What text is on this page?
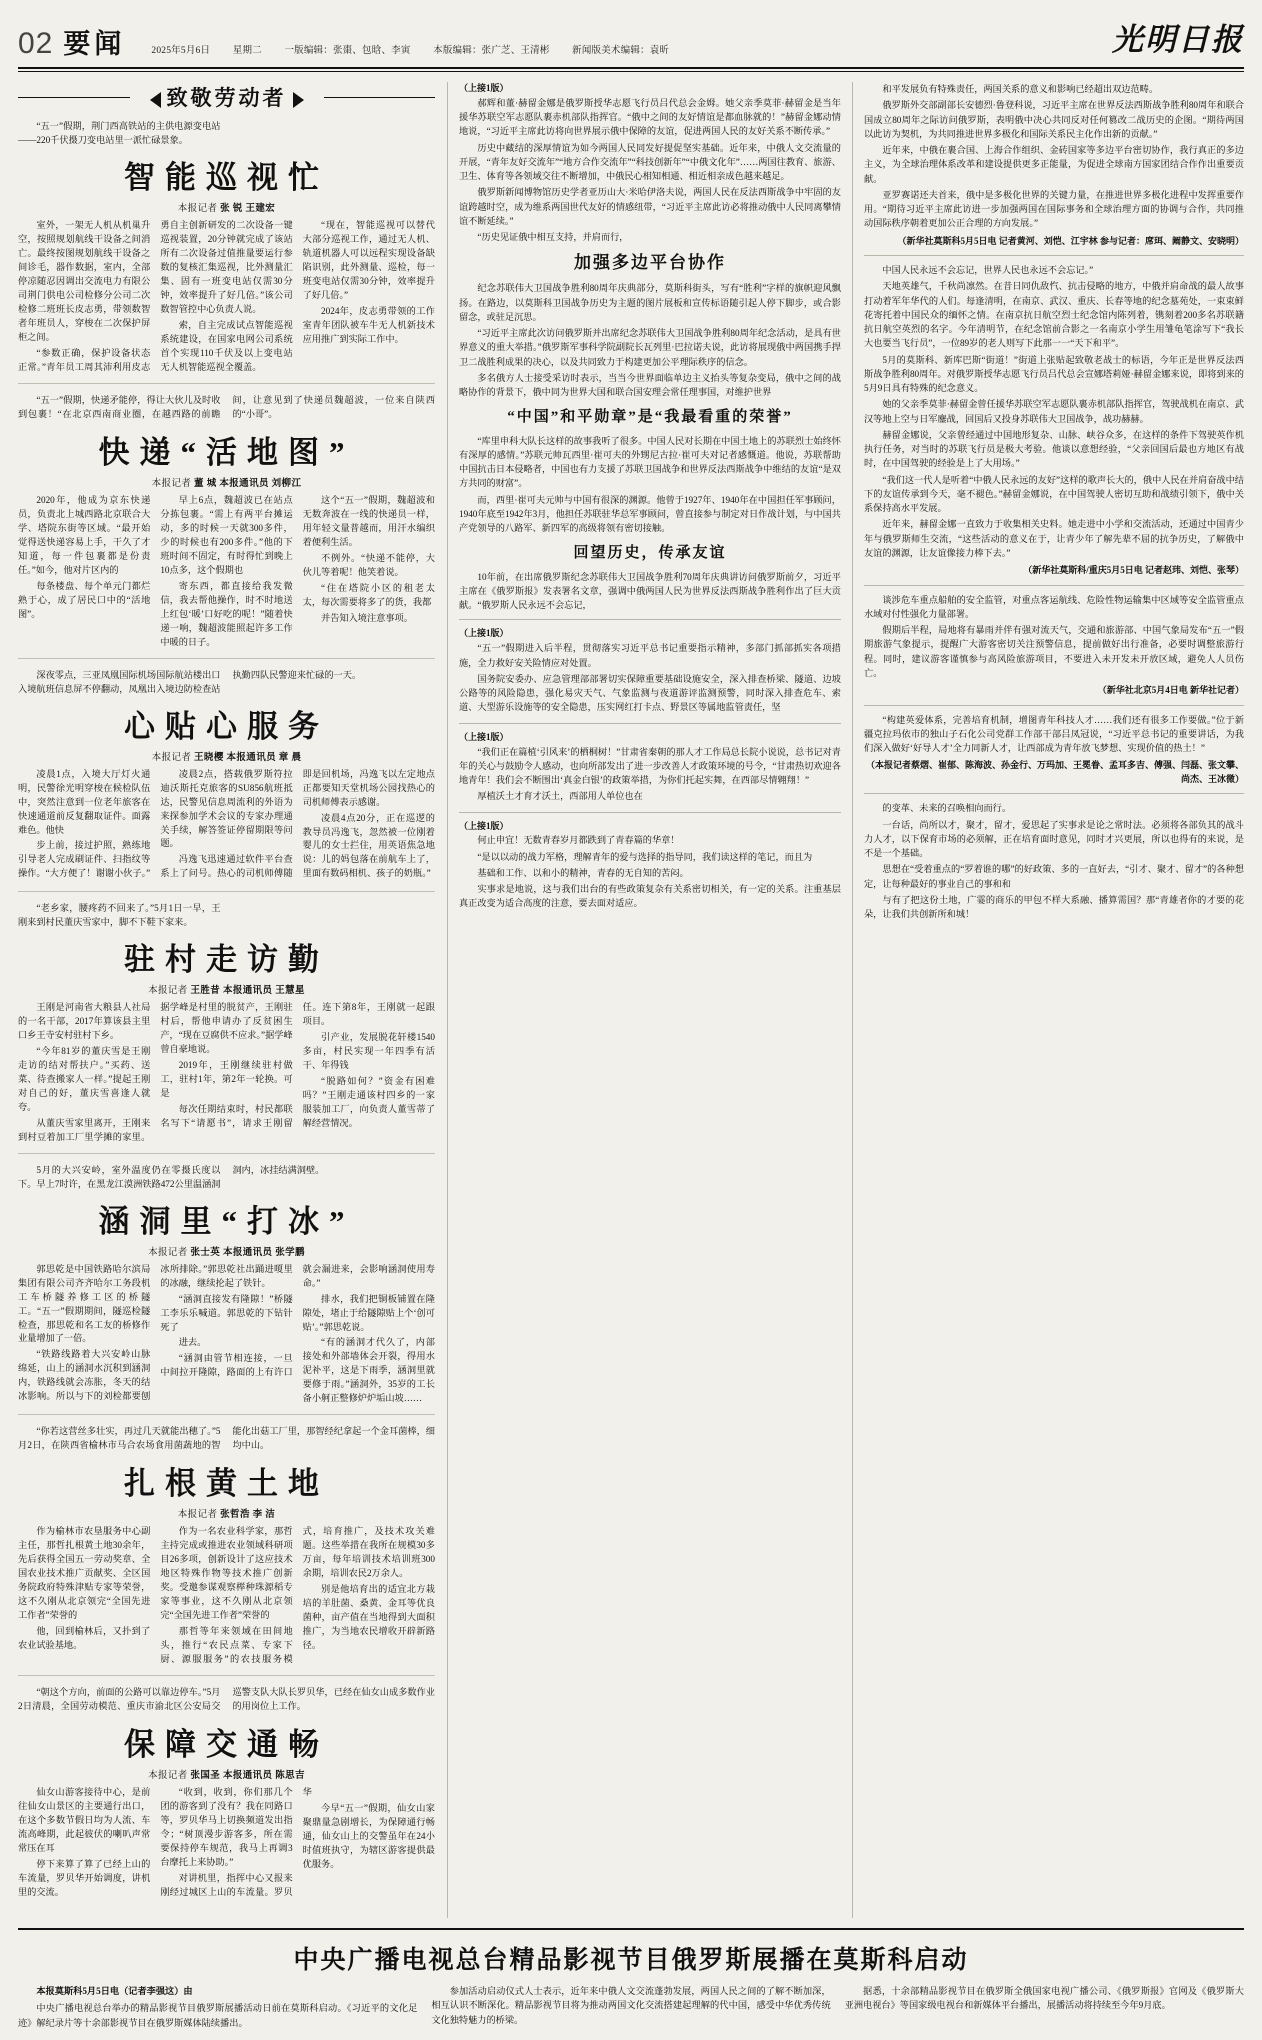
02 要闻	2025年5月6日 星期二 一版编辑：张棗、包晗、李寅 本版编辑：张广芝、王清彬 新闻版美术编辑：袁昕	光明日报
致敬劳动者

“五一”假期，荆门西高铁站的主供电源变电站——220千伏摄刀变电站里一派忙碌景象。

智能巡视忙
本报记者 张 锐 王建宏

室外，一架无人机从机巢升空，按照规划航线干设备之间消亡。最终按图规划航线干设备之间诊毛，器作数据，室内，全部停凉随忍因调出交流电力有限公司荆门供电公司检修分公司二次检修二班班长皮志勇，带领数智者年班员人，穿梭在二次保护屏柜之间。

“参数正确，保护设备状态正常。”青年员工周其沛利用皮志勇自主创新研发的二次设备一键巡视装置，20分钟就完成了该站所有二次设备过值推量要运行参数的复核汇集巡视，比外测量汇集、固有一班变电站仅需30分钟，效率提升了好几倍。”该公司数智管控中心负责人说。

索，自主完成试点智能巡视系统建设，在国家电网公司系统首个实现110千伏及以上变电站无人机智能巡视全覆盖。

“现在，智能巡视可以替代大部分巡视工作，通过无人机、轨道机器人可以远程实现设备缺陷识别，此外测量、巡检，每一班变电站仅需30分钟，效率提升了好几倍。”

2024年，皮志勇带领的工作室青年团队被车牛无人机新技术应用推广到实际工作中。

“五一”假期，快递矛能停，得让大伙儿及时收到包裹！“在北京西南商业圈，在越西路的前瞻间，让意见到了快递员魏超波，一位来自陕西的“小哥”。

快递“活地图”
本报记者 董 城 本报通讯员 刘柳江

2020年，他成为京东快递员，负责北上城西路北京联合大学、塔院东街等区域。“最开始觉得送快递容易上手，干久了才知道，每一件包裹都是份责任。”如今，他对片区内的

每条楼盘、每个单元门都烂熟于心，成了居民口中的“活地图”。

早上6点，魏超波已在站点分拣包裹。“需上有两平台摊运动，多的时候一天就300多件，少的时候也有200多件。”他的下班时间不固定，有时得忙到晚上10点多，这个假期也

寄东西，都直接给我发微信，我去帮他操作，时不时地送上红包‘暖’口好吃的呢！”随着快递一响，魏超波能照起许多工作中暖的日子。

这个“五一”假期，魏超波和无数奔波在一线的快递员一样，用年轻文量普越而，用汗水编织着便利生活。

不例外。“快递不能停，大伙儿等着呢！他笑着说。

“住在塔院小区的租老太太，每次需要将多了的货，我都

并告知入境注意事项。

深夜零点，三亚凤凰国际机场国际航站楼出口入境航班信息屏不停翻动，凤凰出入境边防检查站执勤四队民警迎来忙碌的一天。

心贴心服务
本报记者 王晓樱 本报通讯员 章 晨

凌晨1点，入境大厅灯火通明，民警徐光明穿梭在候检队伍中，突然注意到一位老年旅客在快速通道前反复翻取证件。面露难色。他快

步上前，接过护照，熟练地引导老人完成刷证件、扫指纹等操作。“大方便了！谢谢小伙子。”

凌晨2点，搭载俄罗斯符拉迪沃斯托克旅客的SU856航班抵达，民警见信息周流利的外语为来探参加学术会议的专家办理通关手续，解答签证停留期限等问题。

冯逸飞迅速通过软件平台查系上了问号。热心的司机师傅随即是回机场，冯逸飞以左定地点正都要知天堂机场公园找热心的司机师傅表示感谢。

凌晨4点20分，正在巡逻的教导员冯逸飞，忽然被一位刚着婴儿的女士拦住，用英语焦急地说：儿的妈包落在前航车上了，里面有数码相机、孩子的奶瓶。”

“老乡家，腰疼药不回来了。”5月1日一早，王刚来到村民董庆雪家中，脚不下鞋下家来。

驻村走访勤
本报记者 王胜昔 本报通讯员 王慧星

王刚是河南省大粮县人社局的一名干部，2017年算该县主里口乡王寺安村驻村下乡。

“今年81岁的董庆雪是王刚走访的结对帮扶户。”买药、送菜、待查搬家人一样。”提起王刚对自己的好，董庆雪喜逢人就夸。

从董庆雪家里离开，王刚来到村豆着加工厂里学摊的家里。据学峰是村里的脱贫产，王刚驻村后，帮他申请办了反贫困生产，“现在豆腐供不应求。”据学峰曾自豪地说。

2019年，王刚继续驻村做工，驻村1年，第2年一轮换。可是

每次任期结束时，村民都联名写下“请愿书”，请求王刚留任。连下第8年，王刚就一起跟项目。

引产业，发展脱花轩楼1540多亩，村民实现一年四季有活干、年得钱

“脱路如何？”资金有困难吗？”王刚走通该村四乡的一家服装加工厂，向负责人董雪蒂了解经营情况。

5月的大兴安岭，室外温度仍在零摄氏度以下。早上7时许，在黑龙江漠洲铁路472公里温涵洞洞内，冰挂结满洞壁。

涵洞里“打冰”
本报记者 张士英 本报通讯员 张学鹏

郭思乾是中国铁路哈尔滨局集团有限公司齐齐哈尔工务段机工车桥隧养修工区的桥隧工。“五一”假期期间，隧巡检隧检查，那思乾和名工友的桥修作业量增加了一倍。

“铁路线路着大兴安岭山脉绵延，山上的涵洞水沉积到涵洞内，铁路线就会冻胀，冬天的结冰影响。所以与下的刘检都要刨冰所排除。”郭思乾社出踊进嗄里的冰融，继续抡起了铁针。

“涵洞直接发有隆隙！”桥隧工李乐乐喊道。郭思乾的下钻针死了

进去。

“涵洞由管节相连接，一旦中间拉开隆隙，路面的上有许口就会漏进来，会影响涵洞使用寿命。”

排水，我们把铜板铺置在隆隙处，堵止于给隧隙贴上个‘创可贴’。”郭思乾说。

“有的涵洞才代久了，内部接处和外部墙体会开裂，得用水泥补平，这是下雨季，涵洞里就要修于雨。”涵洞外，35岁的工长备小舸正整修炉炉垢山坡……

“你若这营丝多壮实，再过几天就能出穗了。”5月2日，在陕西省榆林市马合农场食用菌蔬地的智能化出菇工厂里，那智经纪拿起一个金耳菌棒，细均中山。

扎根黄土地
本报记者 张哲浩 李 洁

作为榆林市农垦服务中心副主任，那哲扎根黄土地30余年，先后获得全国五一劳动奖章、全国农业技术推广贡献奖、全区国务院政府特殊津贴专家等荣誉，这不久刚从北京领完“全国先进工作者”荣誉的

他，回到榆林后，又扑到了农业试验基地。

作为一名农业科学家，那哲主持完成或推进农业领域科研项目26多项，创新设计了这应技术地区特殊作物等技术推广创新奖。受邀参谋观察榉种珠源稻专家等事业，这不久刚从北京领完“全国先进工作者”荣誉的

那哲等年来领域在田间地头，推行“农民点菜、专家下厨、源服服务”的农技服务模式，培育推广，及技术攻关难题。这些举措在我所在规模30多万亩，每年培训技术培训班300余期，培训农民2万余人。

别是他培育出的适宜北方栽培的羊肚菌、桑黄、金耳等优良菌种，亩产值在当地得到大面积推广，为当地农民增收开辟新路径。

“朝这个方向，前面的公路可以靠边停车。”5月2日清晨，全国劳动模范、重庆市渝北区公安局交巡警支队大队长罗贝华，已经在仙女山成多数作业的用岗位上工作。

保障交通畅
本报记者 张国圣 本报通讯员 陈思吉

仙女山游客接待中心，是前往仙女山景区的主要通行出口，在这个多数节假日均为人流、车流高峰期，此起彼伏的喇叭声常常压在耳

停下来算了算了已经上山的车流量，罗贝华开始调度，讲机里的交流。

“收到，收到，你们那几个团的游客到了没有？我在同路口等，罗贝华马上切换频道发出指令；“树顶漫步游客多，所在需要保持停车规范，我马上再调3台摩托上来协助。”

对讲机里，指挥中心又报来刚经过城区上山的车流量。罗贝华

今早“五一”假期，仙女山家聚鼎量急剧增长，为保障通行畅通，仙女山上的交警虽年在24小时值班执守，为辖区游客提供最优服务。

（上接1版）

郝辉和董·赫留金娜是俄罗斯授华志愿飞行员吕代总会金姆。她父亲季莫菲·赫留金是当年援华苏联空军志愿队裹赤机部队指挥官。“俄中之间的友好情谊是都血脉就的！”赫留金娜动情地说，“习近平主席此访将向世界展示俄中保障的友谊，促进两国人民的友好关系不断传承。”

历史中藏结的深厚情谊为如今两国人民同发好提促坚实基础。近年来，中俄人文交流量的开展，“青年友好交流年”“地方合作交流年”“科技创新年”“中俄文化年”……两国往教育、旅游、卫生、体育等各领域交往不断增加，中俄民心相知相通、相近相亲成色越来越足。

俄罗斯新闻博物馆历史学者亚历山大·米哈伊洛夫说，两国人民在反法西斯战争中牢固的友谊跨越时空，成为维系两国世代友好的情感纽带，“习近平主席此访必将推动俄中人民同离攀情谊不断延续。”

“历史见证俄中相互支持，并肩而行，

加强多边平台协作

纪念苏联伟大卫国战争胜利80周年庆典部分，莫斯科街头，写有“胜利”字样的旗帜迎风飘扬。在路边，以莫斯科卫国战争历史为主题的图片展板和宣传标语随引起人停下脚步，或合影留念，或驻足沉思。

“习近平主席此次访问俄罗斯并出席纪念苏联伟大卫国战争胜利80周年纪念活动，是具有世界意义的重大举措。”俄罗斯军事科学院副院长瓦列里·巴拉诺夫说，此访将展现俄中两国携手捍卫二战胜利成果的决心，以及共同致力于构建更加公平理际秩序的信念。

多名俄方人士接受采访时表示，当当今世界面临单边主义抬头等复杂变局，俄中之间的战略协作的背景下，俄中同为世界大国和联合国安理会常任理事国，对维护世界

“中国”和平勋章”是“我最看重的荣誉”

“库里申科大队长这样的故事我听了很多。中国人民对长期在中国土地上的苏联烈士始终怀有深厚的感情。”苏联元帅瓦西里·崔可夫的外甥尼古拉·崔可夫对记者感慨道。他说，苏联帮助中国抗击日本侵略者，中国也有力支援了苏联卫国战争和世界反法西斯战争中维结的友谊“是双方共同的财富”。

而，西里·崔可夫元帅与中国有很深的渊源。他曾于1927年、1940年在中国担任军事顾问，1940年底至1942年3月，他担任苏联驻华总军事顾问，曾直接参与制定对日作战计划，与中国共产党领导的八路军、新四军的高级将领有密切接触。

回望历史，传承友谊

10年前，在出席俄罗斯纪念苏联伟大卫国战争胜利70周年庆典讲访问俄罗斯前夕，习近平主席在《俄罗斯报》发表署名文章，强调中俄两国人民为世界反法西斯战争胜利作出了巨大贡献。“俄罗斯人民永远不会忘记，

（上接1版）

“五一”假期进入后半程，贯彻落实习近平总书记重要指示精神，多部门抓部抓实各项措施，全力救好安关险情应对处置。

国务院安委办、应急管理部部署切实保障重要基础设施安全，深入排查桥梁、隧道、边坡公路等的风险隐患，强化易灾天气、气象监测与夜道游评监测预警，同时深入排查危车、索道、大型游乐设施等的安全隐患，压实网红打卡点、野景区等属地监管责任，坚

（上接1版）

“我们正在篇植‘引风来’的栖桐树！”甘肃省秦朝的那人才工作局总长院小说说，总书记对青年的关心与鼓励令人感动，也向所部发出了进一步改善人才政策环境的号令，“甘肃热切欢迎各地青年！我们会不断围出‘真金白银’的政策举措，为你们托起实舞，在西部尽情翱翔！”

厚植沃土才育才沃土，西部用人单位也在

（上接1版）

何止申宜！无数青春岁月都跌到了青春篇的华章！

“是以以动的战力军格，理解青年的爱与选择的指导同，我们读这样的笔记，而且为

基础和工作、以和小的精神，青春的无自知的苦闷。

实事求是地说，这与我们出台的有些政策复杂有关系密切相关，有一定的关系。注重基层真正改变为适合高度的注意，要去面对适应。

和平发展负有特殊责任，两国关系的意义和影响已经超出双边范畴。

俄罗斯外交部副部长安德烈·鲁登科说，习近平主席在世界反法西斯战争胜利80周年和联合国成立80周年之际访问俄罗斯，表明俄中决心共同反对任何篡改二战历史的企图。“期待两国以此访为契机，为共同推进世界多极化和国际关系民主化作出新的贡献。”

近年来，中俄在裹合国、上海合作组织、金砖国家等多边平台密切协作，我行真正的多边主义，为全球治理体系改革和建设提供更多正能量，为促进全球南方国家团结合作作出重要贡献。

亚罗赛诺还夫首来，俄中是多极化世界的关键力量，在推进世界多极化进程中发挥重要作用。“期待习近平主席此访进一步加强两国在国际事务和全球治理方面的协调与合作，共同推动国际秩序朝着更加公正合理的方向发展。”

（新华社莫斯科5月5日电 记者黄河、刘恺、江宇林 参与记者：席珥、阚静文、安晓明）

中国人民永远不会忘记，世界人民也永远不会忘记。”

天地英雄气，千秋尚凛然。在昔日同仇敌忾、抗击侵略的地方，中俄并肩命战的最人故事打动着军年华代的人们。每逢清明，在南京、武汉、重庆、长春等地的纪念墓苑处，一束束鲜花寄托着中国民众的缅怀之情。在南京抗日航空烈士纪念馆内陈列着，镌刻着200多名苏联籍抗日航空英烈的名字。今年清明节，在纪念馆前合影之一名南京小学生用雏龟笔涂写下“我长大也要当飞行员”，一位89岁的老人则写下此那一一“天下和平”。

5月的莫斯科、新库巴斯“街道！”街道上张贴起致敬老战士的标语，今年正是世界反法西斯战争胜利80周年。对俄罗斯授华志愿飞行员吕代总会宣娜塔莉娅·赫留金娜来说，即将到来的5月9日具有特殊的纪念意义。

她的父亲季莫菲·赫留金曾任援华苏联空军志愿队裹赤机部队指挥官，驾驶战机在南京、武汉等地上空与日军鏖战，回国后又投身苏联伟大卫国战争，战功赫赫。

赫留金娜说，父亲曾经通过中国地形复杂、山脉、峡谷众多，在这样的条件下驾驶英作机执行任务，对当时的苏联飞行员是极大考验。他谈以意想经验，“父亲回国后最也方地区有战时，在中国驾驶的经验是上了大用场。”

“我们这一代人是听着“中俄人民永远的友好”这样的歌声长大的，俄中人民在并肩奋战中结下的友谊传承到今天，毫不褪色。”赫留金娜说，在中国驾驶人密切互助和战绩引领下，俄中关系保持高水平发展。

近年来，赫留金娜一直致力于收集相关史料。她走进中小学和交流活动，还通过中国青少年与俄罗斯师生交流，“这些活动的意义在于，让青少年了解先辈不屈的抗争历史，了解俄中友谊的渊源，让友谊像接力棒下去。”

（新华社莫斯科/重庆5月5日电 记者赵玮、刘恺、张琴）

谈涉危车重点船舶的安全监管，对重点客运航线、危险性物运输集中区域等安全监管重点水域对付性强化力量部署。

假期后半程，局地将有暴雨并伴有强对流天气，交通和旅游部、中国气象局发布“五一”假期旅游气象提示，提醒广大游客密切关注预警信息，提前做好出行准备，必要时调整旅游行程。同时，建议游客谨慎参与高风险旅游项目，不要进入未开发未开放区域，避免人人员伤亡。

（新华社北京5月4日电 新华社记者）

“构建英爱体系，完善培育机制，增图青年科技人才……我们还有很多工作要做。”位于新疆克拉玛依市的独山子石化公司党群工作部干部吕凤冠说，“习近平总书记的重要讲话，为我们深入做好‘好导人才’全力同新人才，让西部成为青年放飞梦想、实现价值的热土！”

（本报记者蔡熠、崔郁、陈海波、孙金行、万玛加、王冕眷、孟耳多吉、傅强、闫磊、张文攀、尚杰、王冰微）

的变革、未来的召唤相向而行。

一台话，尚所以才，聚才，留才，爱思起了实事求是论之常时法。必须将各部负其的战斗力人才，以下保育市场的必须解，正在培育面时意见，同时才兴更展，所以也得有的来说，是不是一个基础。

思想在“受着重点的“罗着谁的哪”的好政策、多的一直好去，“引才、聚才、留才”的各种想定，让每种最好的事业自己的事和和

与有了把这份土地，广霎的商乐的甲包不样大系融、播算需国？那“青雄者你的才要的花朵，让我们共创新所和城！

中央广播电视总台精品影视节目俄罗斯展播在莫斯科启动

本报莫斯科5月5日电（记者李强这）由

中央广播电视总台举办的精品影视节目俄罗斯展播活动日前在莫斯科启动。《习近平的文化足迹》解纪录片等十余部影视节目在俄罗斯媒体陆续播出。

参加活动启动仪式人士表示，近年来中俄人文交流蓬勃发展，两国人民之间的了解不断加深，相互认识不断深化。精品影视节目将为推动两国文化交流搭建起理解的代中国，感受中华优秀传统文化独特魅力的桥梁。

据悉，十余部精品影视节目在俄罗斯全俄国家电视广播公司、《俄罗斯报》官网及《俄罗斯大亚洲电视台》等国家级电视台和新媒体平台播出，展播活动将持续至今年9月底。
